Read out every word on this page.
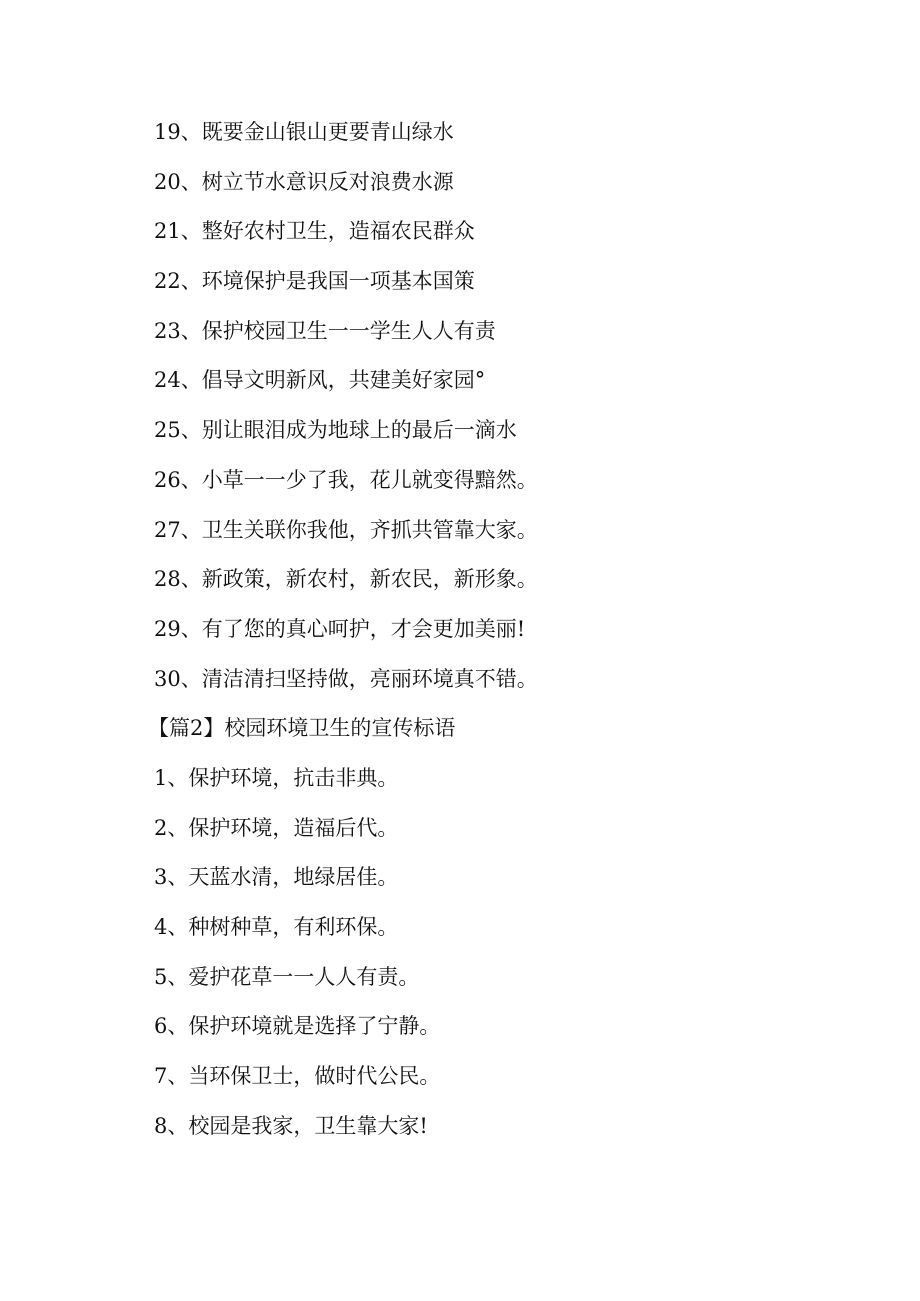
19、既要金山银山更要青山绿水
20、树立节水意识反对浪费水源
21、整好农村卫生，造福农民群众
22、环境保护是我国一项基本国策
23、保护校园卫生一一学生人人有责
24、倡导文明新风，共建美好家园°
25、别让眼泪成为地球上的最后一滴水
26、小草一一少了我，花儿就变得黯然。
27、卫生关联你我他，齐抓共管靠大家。
28、新政策，新农村，新农民，新形象。
29、有了您的真心呵护，才会更加美丽!
30、清洁清扫坚持做，亮丽环境真不错。
【篇2】校园环境卫生的宣传标语
1、保护环境，抗击非典。
2、保护环境，造福后代。
3、天蓝水清，地绿居佳。
4、种树种草，有利环保。
5、爱护花草一一人人有责。
6、保护环境就是选择了宁静。
7、当环保卫士，做时代公民。
8、校园是我家，卫生靠大家!
